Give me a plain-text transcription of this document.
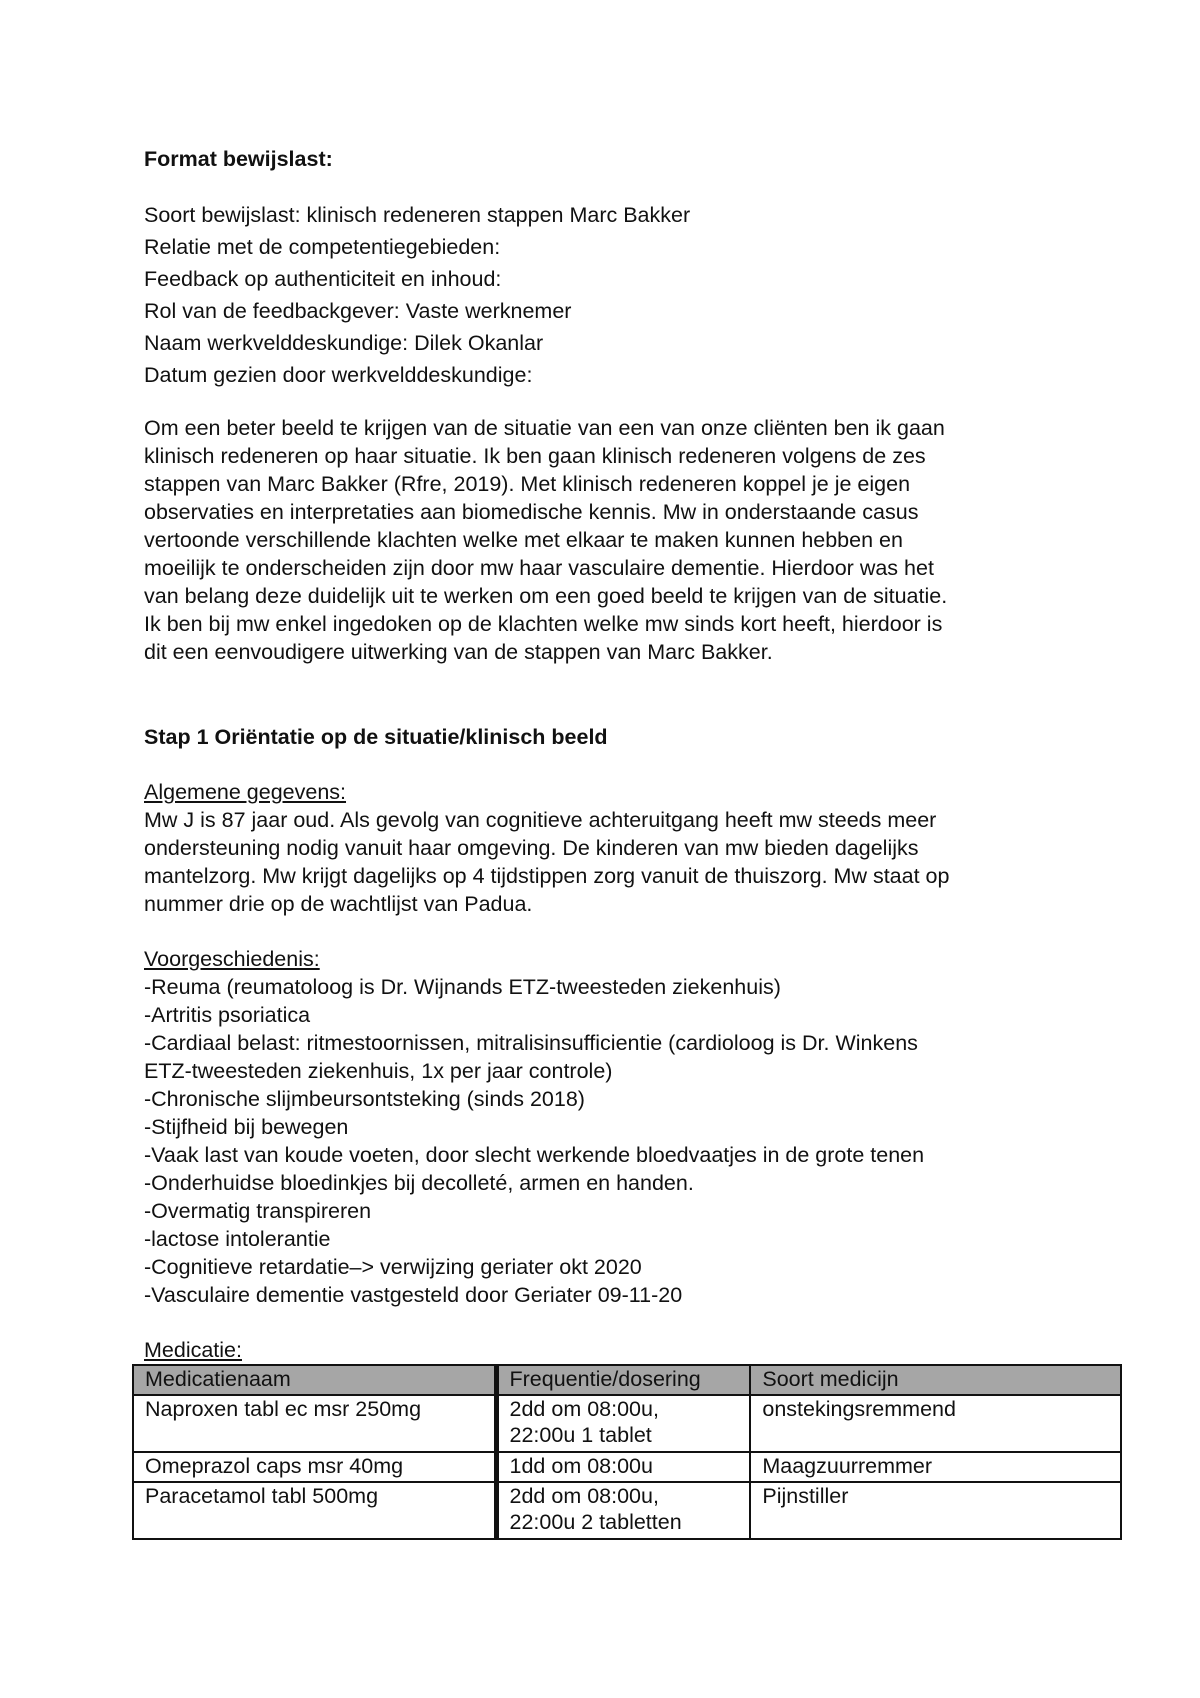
Format bewijslast:
Soort bewijslast: klinisch redeneren stappen Marc Bakker
Relatie met de competentiegebieden:
Feedback op authenticiteit en inhoud:
Rol van de feedbackgever: Vaste werknemer
Naam werkvelddeskundige: Dilek Okanlar
Datum gezien door werkvelddeskundige:
Om een beter beeld te krijgen van de situatie van een van onze cliënten ben ik gaan
klinisch redeneren op haar situatie. Ik ben gaan klinisch redeneren volgens de zes
stappen van Marc Bakker (Rfre, 2019). Met klinisch redeneren koppel je je eigen
observaties en interpretaties aan biomedische kennis. Mw in onderstaande casus
vertoonde verschillende klachten welke met elkaar te maken kunnen hebben en
moeilijk te onderscheiden zijn door mw haar vasculaire dementie. Hierdoor was het
van belang deze duidelijk uit te werken om een goed beeld te krijgen van de situatie.
Ik ben bij mw enkel ingedoken op de klachten welke mw sinds kort heeft, hierdoor is
dit een eenvoudigere uitwerking van de stappen van Marc Bakker.
Stap 1 Oriëntatie op de situatie/klinisch beeld
Algemene gegevens:
Mw J is 87 jaar oud. Als gevolg van cognitieve achteruitgang heeft mw steeds meer
ondersteuning nodig vanuit haar omgeving. De kinderen van mw bieden dagelijks
mantelzorg. Mw krijgt dagelijks op 4 tijdstippen zorg vanuit de thuiszorg. Mw staat op
nummer drie op de wachtlijst van Padua.
Voorgeschiedenis:
-Reuma (reumatoloog is Dr. Wijnands ETZ-tweesteden ziekenhuis)
-Artritis psoriatica
-Cardiaal belast: ritmestoornissen, mitralisinsufficientie (cardioloog is Dr. Winkens
ETZ-tweesteden ziekenhuis, 1x per jaar controle)
-Chronische slijmbeursontsteking (sinds 2018)
-Stijfheid bij bewegen
-Vaak last van koude voeten, door slecht werkende bloedvaatjes in de grote tenen
-Onderhuidse bloedinkjes bij decolleté, armen en handen.
-Overmatig transpireren
-lactose intolerantie
-Cognitieve retardatie–> verwijzing geriater okt 2020
-Vasculaire dementie vastgesteld door Geriater 09-11-20
Medicatie:
Medicatienaam	Frequentie/dosering	Soort medicijn
Naproxen tabl ec msr 250mg	2dd om 08:00u,
22:00u 1 tablet	onstekingsremmend
Omeprazol caps msr 40mg	1dd om 08:00u	Maagzuurremmer
Paracetamol tabl 500mg	2dd om 08:00u,
22:00u 2 tabletten	Pijnstiller
